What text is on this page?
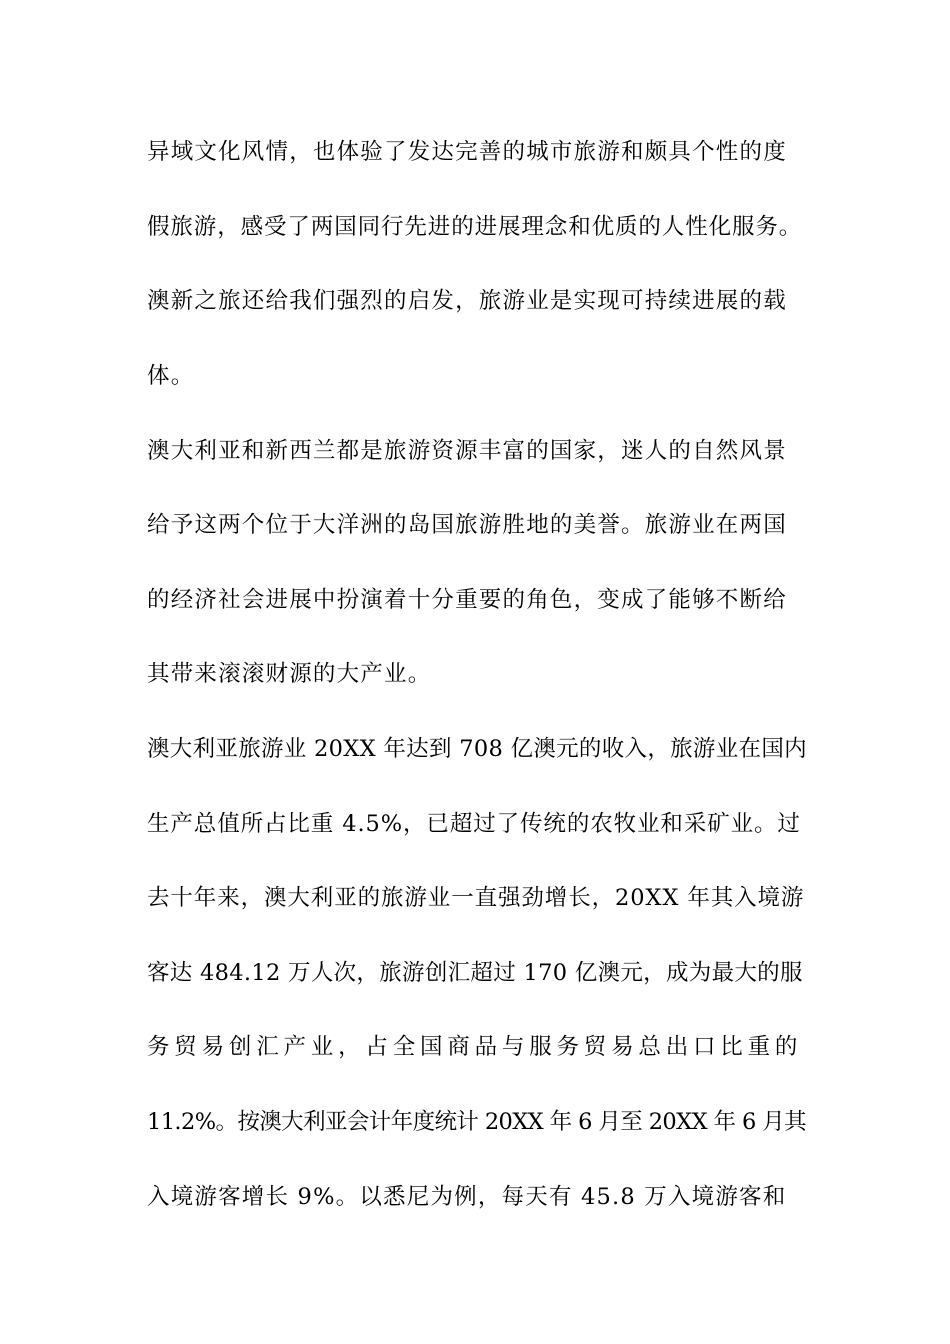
异域文化风情，也体验了发达完善的城市旅游和颇具个性的度
假旅游，感受了两国同行先进的进展理念和优质的人性化服务。
澳新之旅还给我们强烈的启发，旅游业是实现可持续进展的载
体。
澳大利亚和新西兰都是旅游资源丰富的国家，迷人的自然风景
给予这两个位于大洋洲的岛国旅游胜地的美誉。旅游业在两国
的经济社会进展中扮演着十分重要的角色，变成了能够不断给
其带来滚滚财源的大产业。
澳大利亚旅游业 20XX 年达到 708 亿澳元的收入，旅游业在国内
生产总值所占比重 4.5%，已超过了传统的农牧业和采矿业。过
去十年来，澳大利亚的旅游业一直强劲增长，20XX 年其入境游
客达 484.12 万人次，旅游创汇超过 170 亿澳元，成为最大的服
务贸易创汇产业，占全国商品与服务贸易总出口比重的
11.2%。按澳大利亚会计年度统计 20XX 年 6 月至 20XX 年 6 月其
入境游客增长 9%。以悉尼为例，每天有 45.8 万入境游客和
